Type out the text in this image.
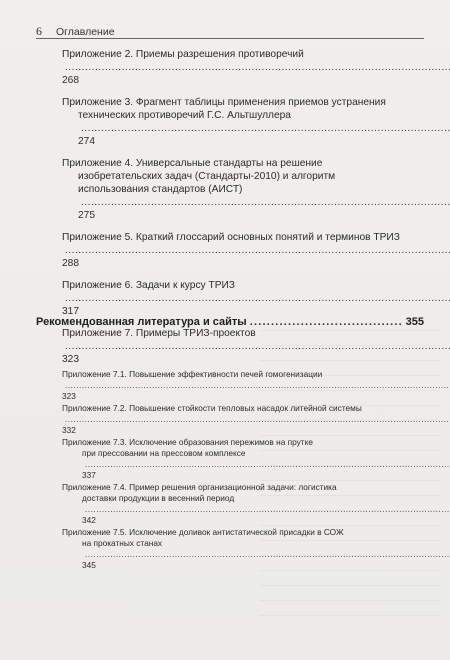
6 Оглавление
Приложение 2. Приемы разрешения противоречий ..... 268
Приложение 3. Фрагмент таблицы применения приемов устранения
технических противоречий Г.С. Альтшуллера ..... 274
Приложение 4. Универсальные стандарты на решение
изобретательских задач (Стандарты-2010) и алгоритм
использования стандартов (АИСТ) ..... 275
Приложение 5. Краткий глоссарий основных понятий и терминов ТРИЗ ..... 288
Приложение 6. Задачи к курсу ТРИЗ ..... 317
Приложение 7. Примеры ТРИЗ-проектов ..... 323
Приложение 7.1. Повышение эффективности печей гомогенизации ..... 323
Приложение 7.2. Повышение стойкости тепловых насадок литейной системы ..... 332
Приложение 7.3. Исключение образования пережимов на прутке
при прессовании на прессовом комплексе ..... 337
Приложение 7.4. Пример решения организационной задачи: логистика
доставки продукции в весенний период ..... 342
Приложение 7.5. Исключение доливок антистатической присадки в СОЖ
на прокатных станах ..... 345
Рекомендованная литература и сайты .....	355
